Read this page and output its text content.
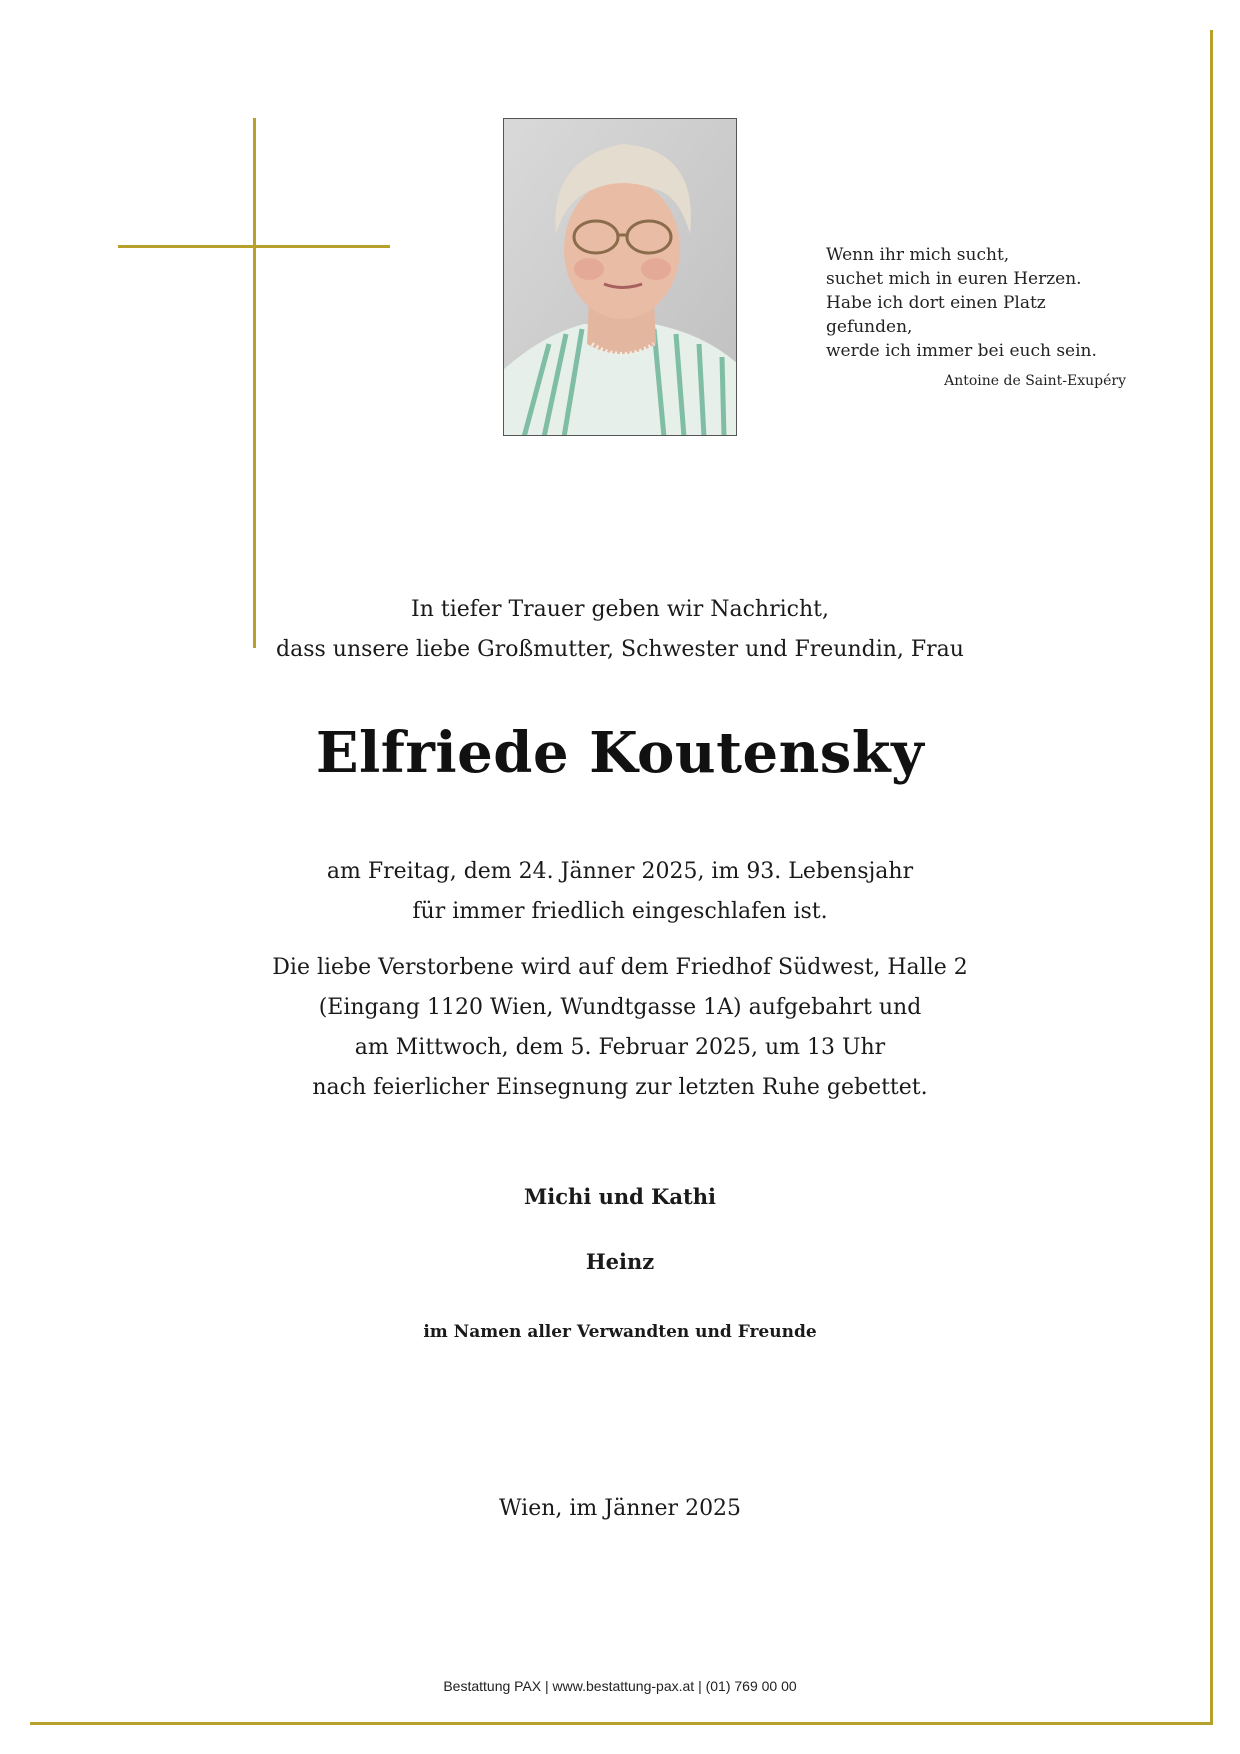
Wenn ihr mich sucht,
suchet mich in euren Herzen.
Habe ich dort einen Platz gefunden,
werde ich immer bei euch sein.
Antoine de Saint-Exupéry
In tiefer Trauer geben wir Nachricht,
dass unsere liebe Großmutter, Schwester und Freundin, Frau
Elfriede Koutensky
am Freitag, dem 24. Jänner 2025, im 93. Lebensjahr
für immer friedlich eingeschlafen ist.
Die liebe Verstorbene wird auf dem Friedhof Südwest, Halle 2
(Eingang 1120 Wien, Wundtgasse 1A) aufgebahrt und
am Mittwoch, dem 5. Februar 2025, um 13 Uhr
nach feierlicher Einsegnung zur letzten Ruhe gebettet.
Michi und Kathi
Heinz
im Namen aller Verwandten und Freunde
Wien, im Jänner 2025
Bestattung PAX | www.bestattung-pax.at | (01) 769 00 00
